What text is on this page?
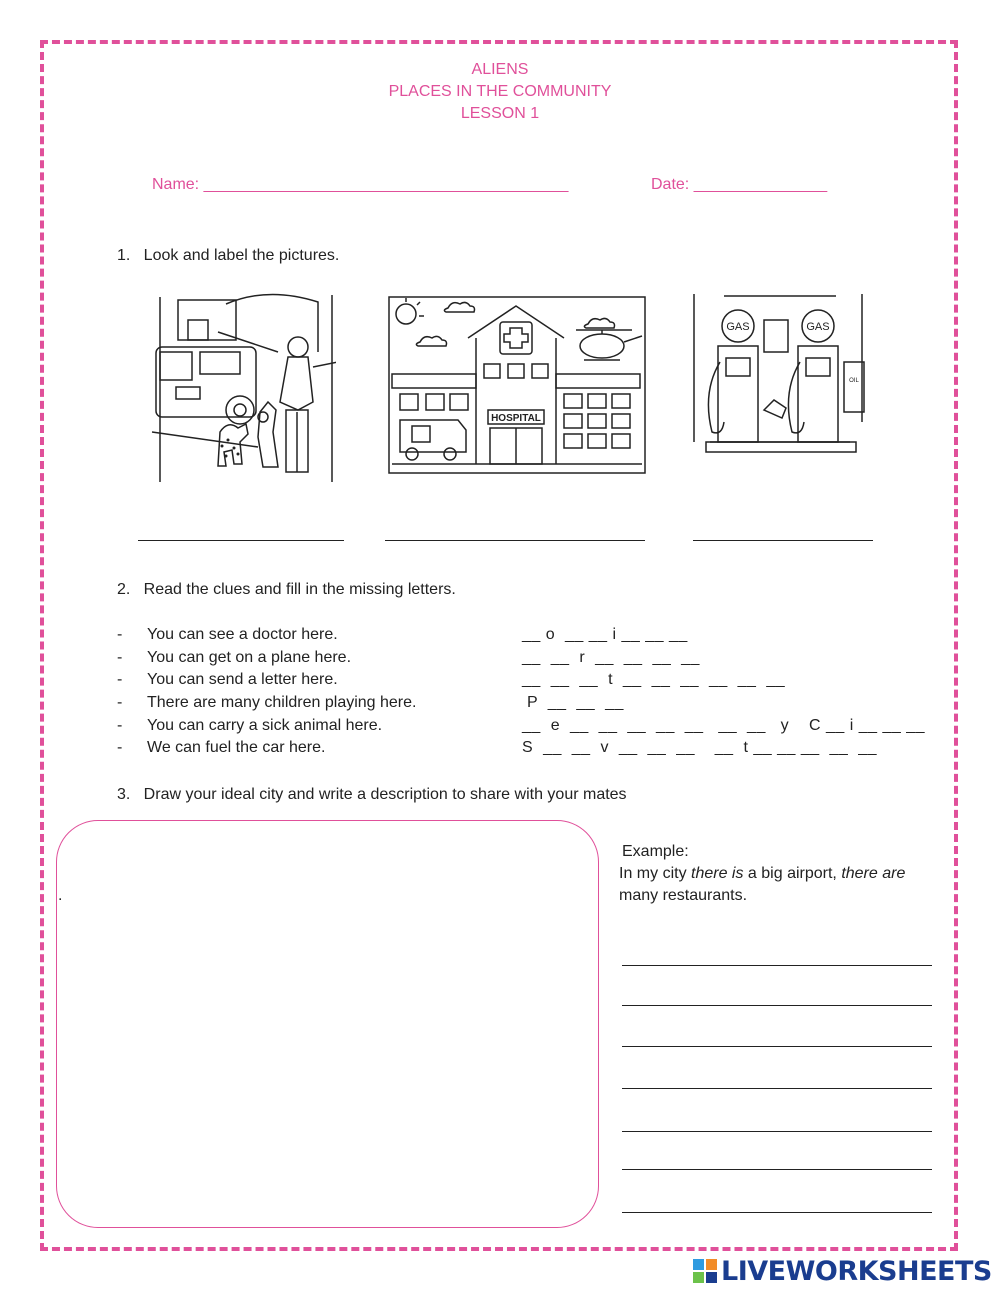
ALIENS
PLACES IN THE COMMUNITY
LESSON 1
Name: _________________________________________	Date: _______________
1.   Look and label the pictures.
HOSPITAL
GAS	GAS
OIL
2.   Read the clues and fill in the missing letters.
- You can see a doctor here.	__ o  __ __ i __ __ __
- You can get on a plane here.	__  __  r  __  __  __  __
- You can send a letter here.	__  __  __  t  __  __  __  __  __  __
- There are many children playing here.	P  __  __  __
- You can carry a sick animal here.	__  e  __  __  __  __  __   __  __   y    C __ i __ __ __
- We can fuel the car here.	S  __  __  v  __  __  __    __  t __ __ __  __  __
3.   Draw your ideal city and write a description to share with your mates
.
Example:
In my city there is a big airport, there are
many restaurants.
LIVEWORKSHEETS
